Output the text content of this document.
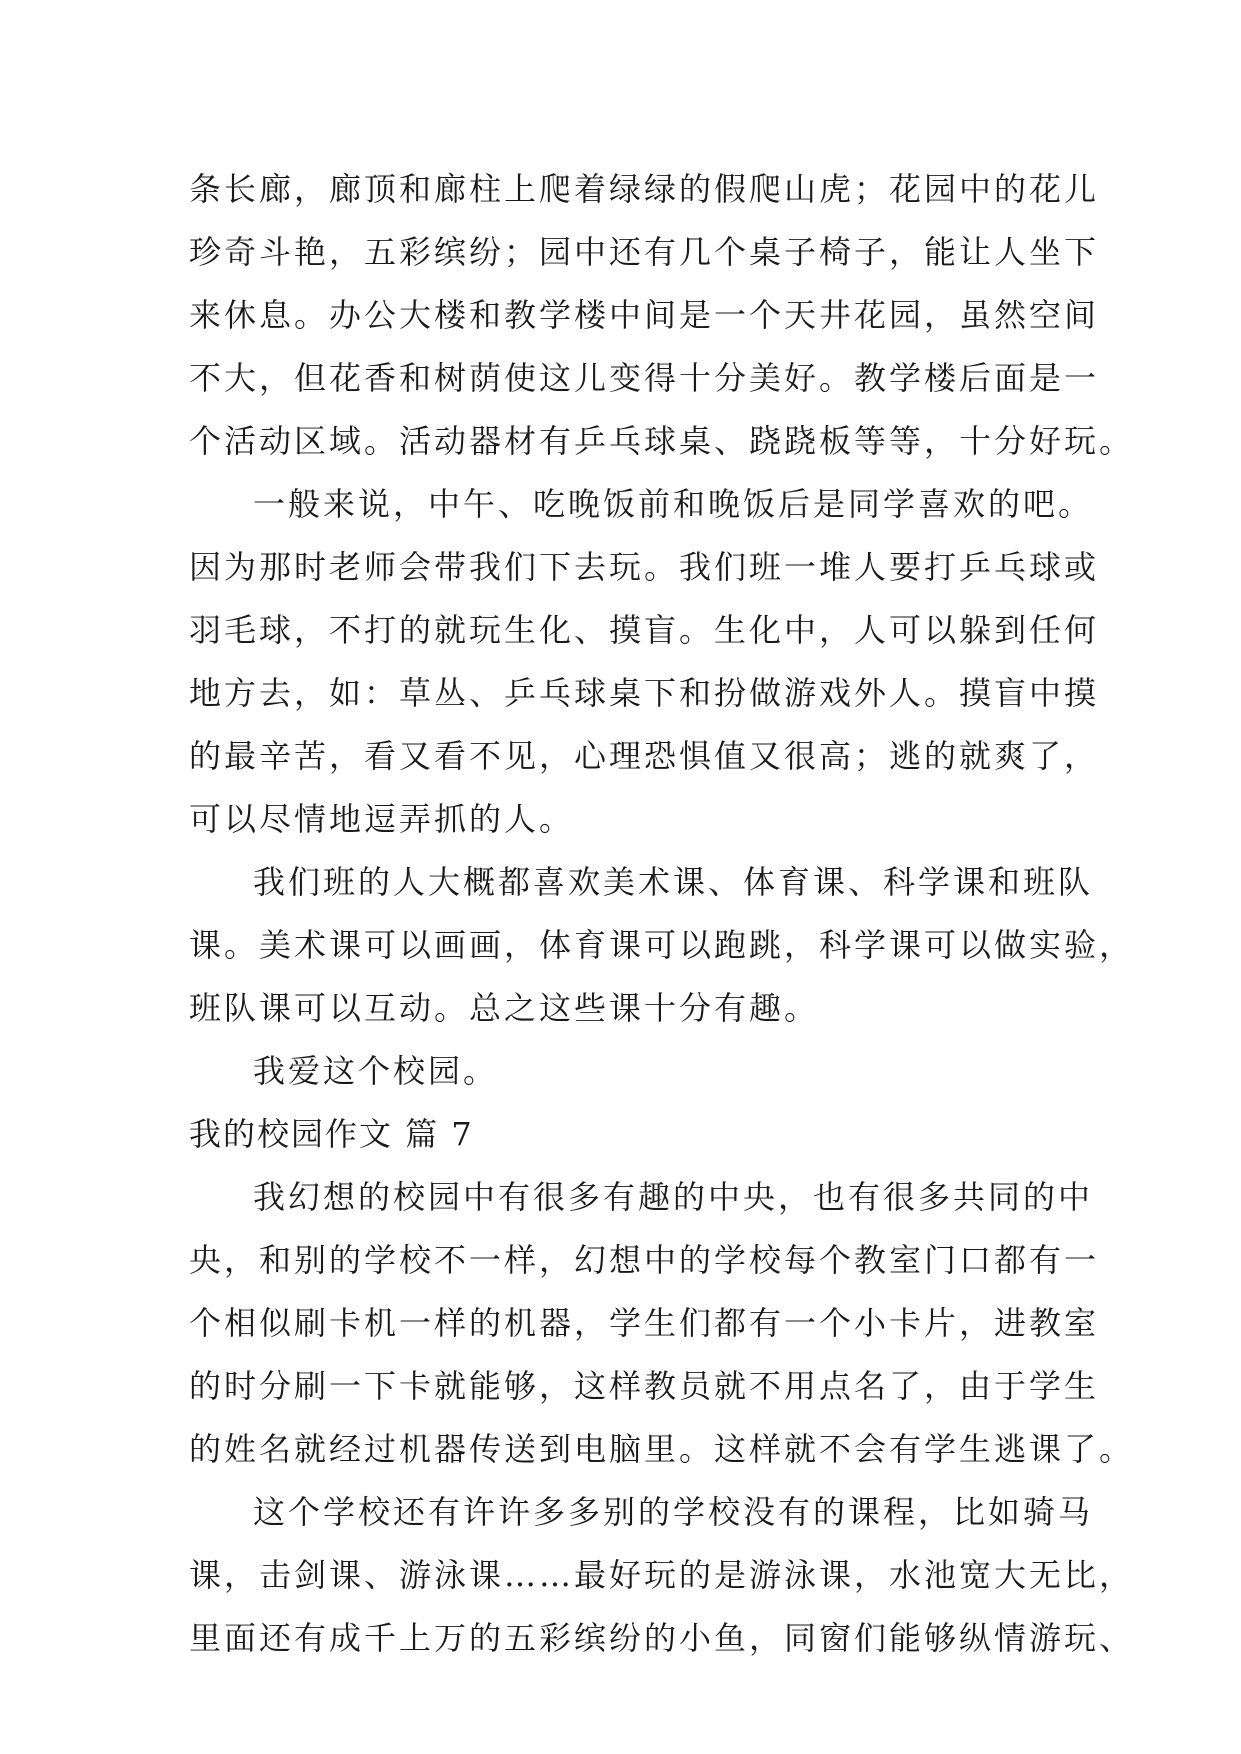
条长廊，廊顶和廊柱上爬着绿绿的假爬山虎；花园中的花儿
珍奇斗艳，五彩缤纷；园中还有几个桌子椅子，能让人坐下
来休息。办公大楼和教学楼中间是一个天井花园，虽然空间
不大，但花香和树荫使这儿变得十分美好。教学楼后面是一
个活动区域。活动器材有乒乓球桌、跷跷板等等，十分好玩。
一般来说，中午、吃晚饭前和晚饭后是同学喜欢的吧。
因为那时老师会带我们下去玩。我们班一堆人要打乒乓球或
羽毛球，不打的就玩生化、摸盲。生化中，人可以躲到任何
地方去，如：草丛、乒乓球桌下和扮做游戏外人。摸盲中摸
的最辛苦，看又看不见，心理恐惧值又很高；逃的就爽了，
可以尽情地逗弄抓的人。
我们班的人大概都喜欢美术课、体育课、科学课和班队
课。美术课可以画画，体育课可以跑跳，科学课可以做实验，
班队课可以互动。总之这些课十分有趣。
我爱这个校园。
我的校园作文 篇 7
我幻想的校园中有很多有趣的中央，也有很多共同的中
央，和别的学校不一样，幻想中的学校每个教室门口都有一
个相似刷卡机一样的机器，学生们都有一个小卡片，进教室
的时分刷一下卡就能够，这样教员就不用点名了，由于学生
的姓名就经过机器传送到电脑里。这样就不会有学生逃课了。
这个学校还有许许多多别的学校没有的课程，比如骑马
课，击剑课、游泳课……最好玩的是游泳课，水池宽大无比，
里面还有成千上万的五彩缤纷的小鱼，同窗们能够纵情游玩、
